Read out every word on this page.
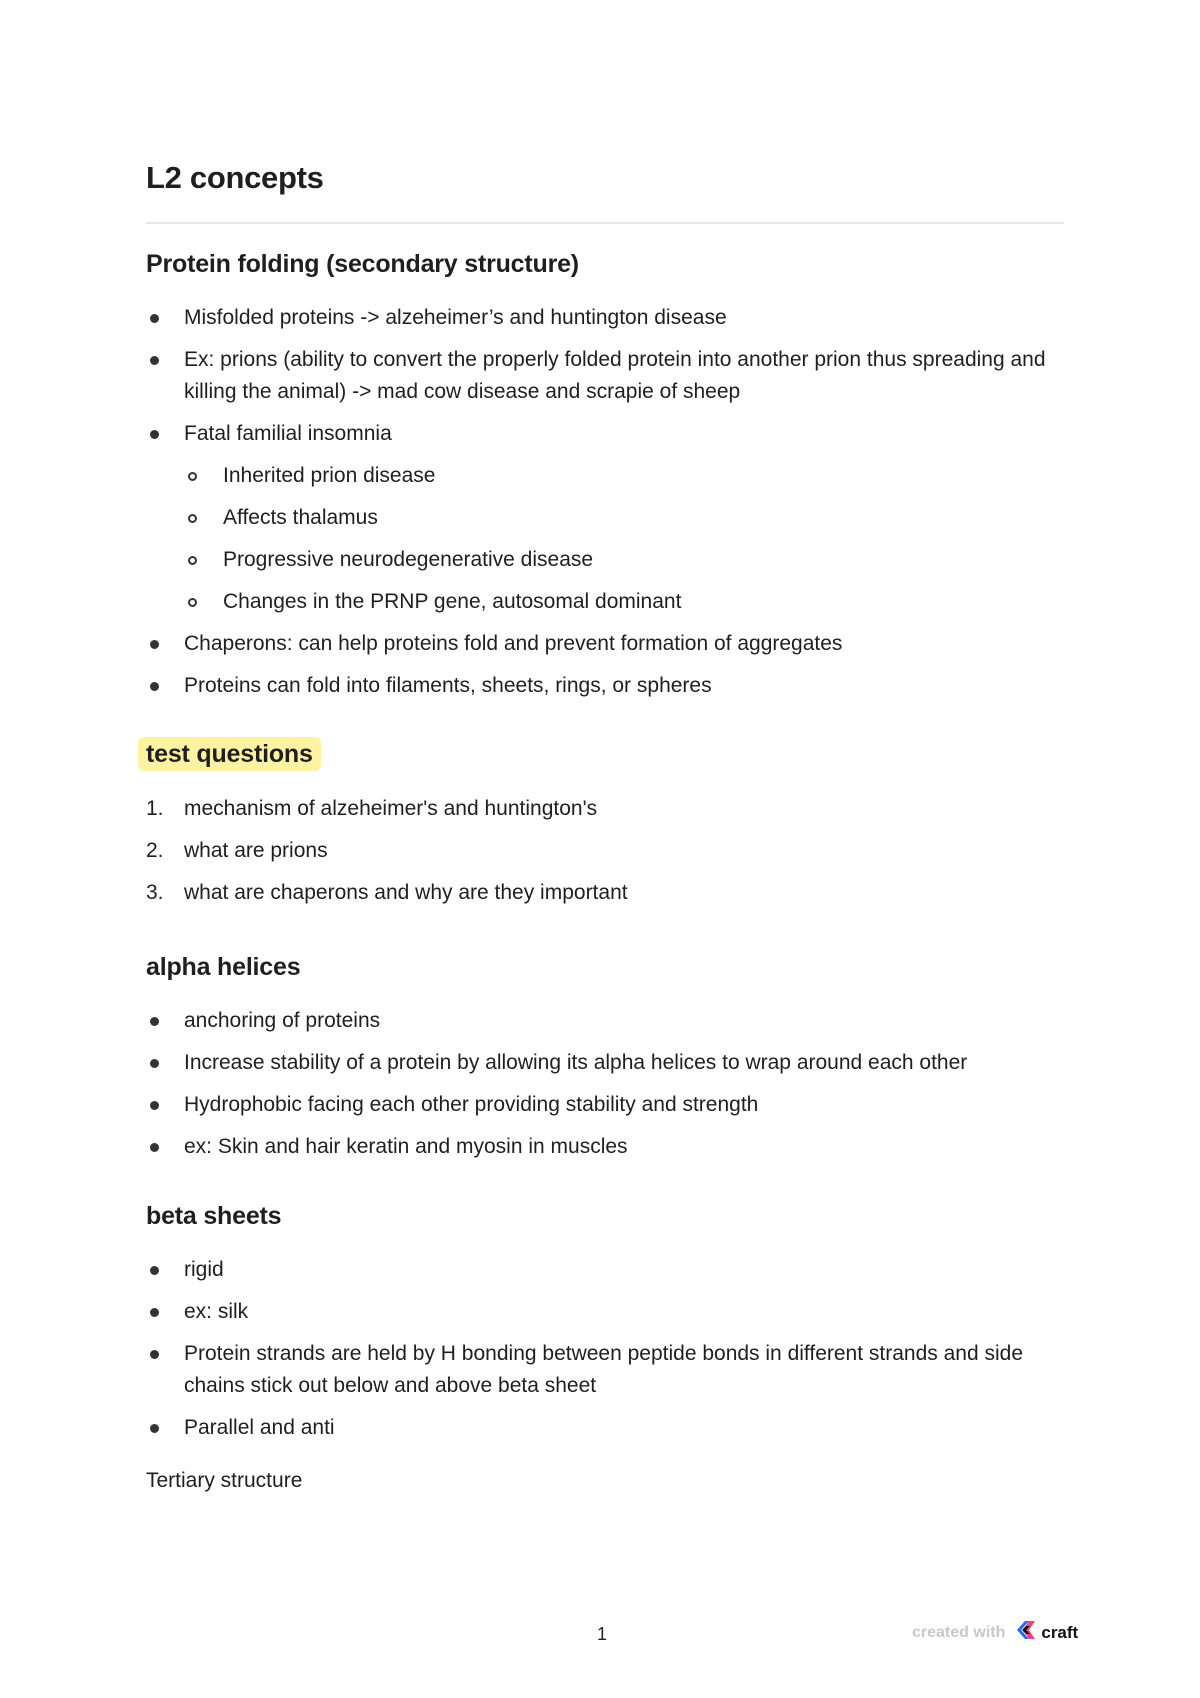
L2 concepts
Protein folding (secondary structure)
Misfolded proteins -> alzeheimer’s and huntington disease
Ex: prions (ability to convert the properly folded protein into another prion thus spreading and killing the animal) -> mad cow disease and scrapie of sheep
Fatal familial insomnia
Inherited prion disease
Affects thalamus
Progressive neurodegenerative disease
Changes in the PRNP gene, autosomal dominant
Chaperons: can help proteins fold and prevent formation of aggregates
Proteins can fold into filaments, sheets, rings, or spheres
test questions
1. mechanism of alzeheimer's and huntington's
2. what are prions
3. what are chaperons and why are they important
alpha helices
anchoring of proteins
Increase stability of a protein by allowing its alpha helices to wrap around each other
Hydrophobic facing each other providing stability and strength
ex: Skin and hair keratin and myosin in muscles
beta sheets
rigid
ex: silk
Protein strands are held by H bonding between peptide bonds in different strands and side chains stick out below and above beta sheet
Parallel and anti

Tertiary structure

1	created with craft
